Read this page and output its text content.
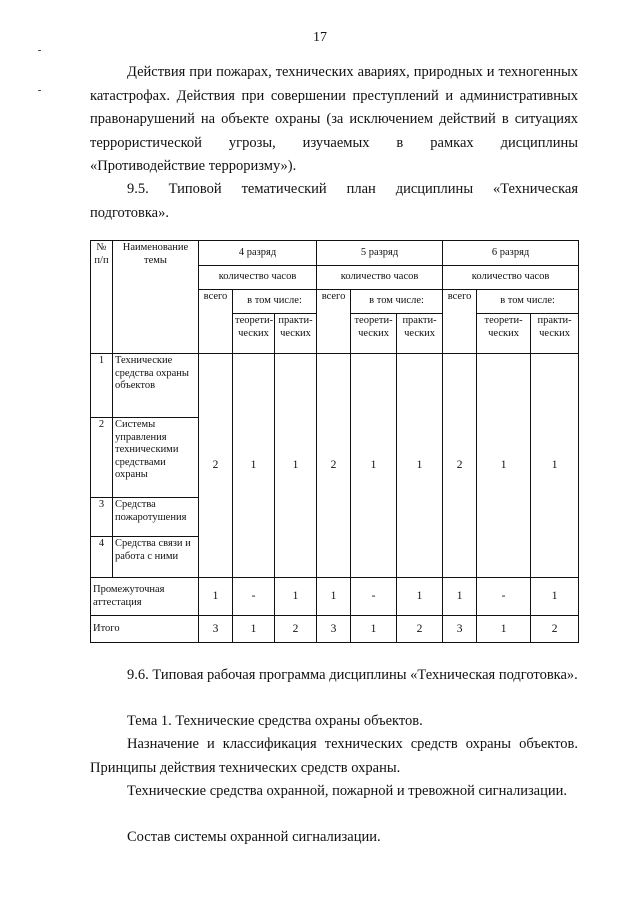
17

Действия при пожарах, технических авариях, природных и техногенных катастрофах. Действия при совершении преступлений и административных правонарушений на объекте охраны (за исключением действий в ситуациях террористической угрозы, изучаемых в рамках дисциплины «Противодействие терроризму»).

9.5. Типовой тематический план дисциплины «Техническая подготовка».

№ п/п	Наименование темы	4 разряд			5 разряд			6 разряд		
		количество часов			количество часов			количество часов		
		всего	в том числе:		всего	в том числе:		всего	в том числе:	
			теорети-ческих	практи-ческих		теорети-ческих	практи-ческих		теорети-ческих	практи-ческих
1	Технические средства охраны объектов	2	1	1	2	1	1	2	1	1
2	Системы управления техническими средствами охраны									
3	Средства пожаротушения									
4	Средства связи и работа с ними									
Промежуточная аттестация		1	-	1	1	-	1	1	-	1
Итого		3	1	2	3	1	2	3	1	2

9.6. Типовая рабочая программа дисциплины «Техническая подготовка».

Тема 1. Технические средства охраны объектов.

Назначение и классификация технических средств охраны объектов. Принципы действия технических средств охраны.

Технические средства охранной, пожарной и тревожной сигнализации.

Состав системы охранной сигнализации.
